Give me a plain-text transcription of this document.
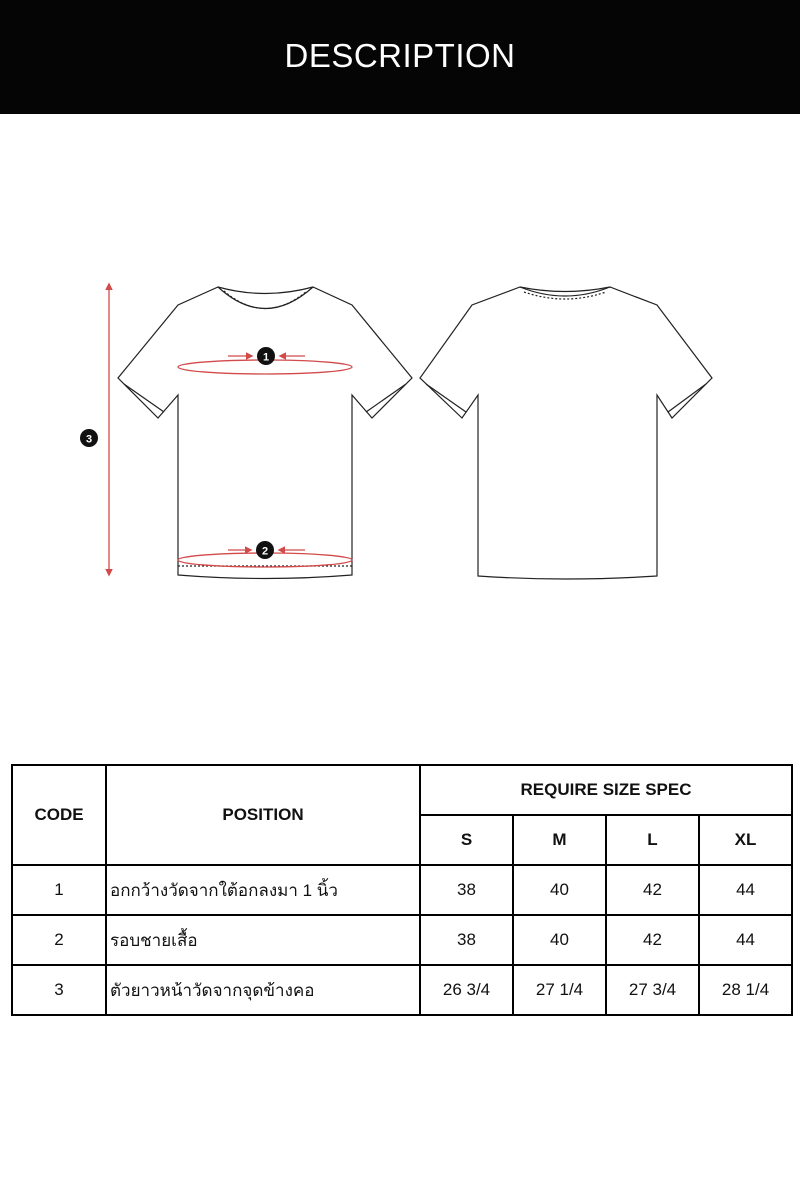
DESCRIPTION
1
2
3
CODE	POSITION	REQUIRE SIZE SPEC			
		S	M	L	XL
1	อกกว้างวัดจากใต้อกลงมา 1 นิ้ว	38	40	42	44
2	รอบชายเสื้อ	38	40	42	44
3	ตัวยาวหน้าวัดจากจุดข้างคอ	26 3/4	27 1/4	27 3/4	28 1/4
